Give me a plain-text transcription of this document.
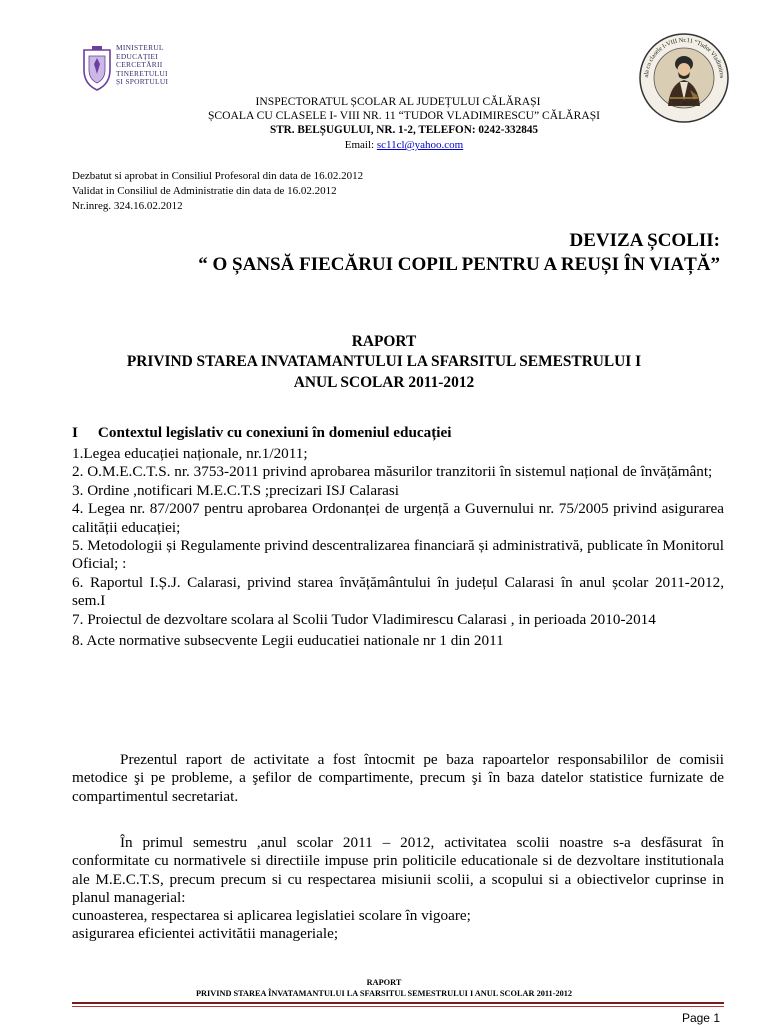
MINISTERUL
EDUCAȚIEI
CERCETĂRII
TINERETULUI
ȘI SPORTULUI
ala cu clasele I-VIII Nr.11 “Tudor Vladimires
CĂLĂRAȘI
INSPECTORATUL ȘCOLAR AL JUDEȚULUI CĂLĂRAȘI
ȘCOALA CU CLASELE I- VIII NR. 11 “TUDOR VLADIMIRESCU” CĂLĂRAȘI
STR. BELȘUGULUI, NR. 1-2, TELEFON: 0242-332845
Email: sc11cl@yahoo.com
Dezbatut si aprobat in Consiliul Profesoral din data de 16.02.2012
Validat in Consiliul de Administratie din data de 16.02.2012
Nr.inreg. 324.16.02.2012
DEVIZA ȘCOLII:
“ O ȘANSĂ FIECĂRUI COPIL PENTRU A REUȘI ÎN VIAȚĂ”
RAPORT
PRIVIND STAREA INVATAMANTULUI LA SFARSITUL SEMESTRULUI I
ANUL SCOLAR 2011-2012
I Contextul legislativ cu conexiuni în domeniul educației
1.Legea educației naționale, nr.1/2011;
2. O.M.E.C.T.S. nr. 3753-2011 privind aprobarea măsurilor tranzitorii în sistemul național de învățământ;
3. Ordine ,notificari M.E.C.T.S ;precizari ISJ Calarasi
4. Legea nr. 87/2007 pentru aprobarea Ordonanței de urgență a Guvernului nr. 75/2005 privind asigurarea calității educației;
5. Metodologii și Regulamente privind descentralizarea financiară și administrativă, publicate în Monitorul Oficial; :
6. Raportul I.Ș.J. Calarasi, privind starea învățământului în județul Calarasi în anul școlar 2011-2012, sem.I
7. Proiectul de dezvoltare scolara al Scolii Tudor Vladimirescu Calarasi , in perioada 2010-2014
8. Acte normative subsecvente Legii euducatiei nationale nr 1 din 2011
Prezentul raport de activitate a fost întocmit pe baza rapoartelor responsabililor de comisii metodice şi pe probleme, a şefilor de compartimente, precum şi în baza datelor statistice furnizate de compartimentul secretariat.
În primul semestru ,anul scolar 2011 – 2012, activitatea scolii noastre s-a desfăsurat în conformitate cu normativele si directiile impuse prin politicile educationale si de dezvoltare institutionala ale M.E.C.T.S, precum precum si cu respectarea misiunii scolii, a scopului si a obiectivelor cuprinse in planul managerial:
cunoasterea, respectarea si aplicarea legislatiei scolare în vigoare;
asigurarea eficientei activitătii manageriale;
RAPORT
PRIVIND STAREA ÎNVATAMANTULUI LA SFARSITUL SEMESTRULUI I ANUL SCOLAR 2011-2012
Page 1
